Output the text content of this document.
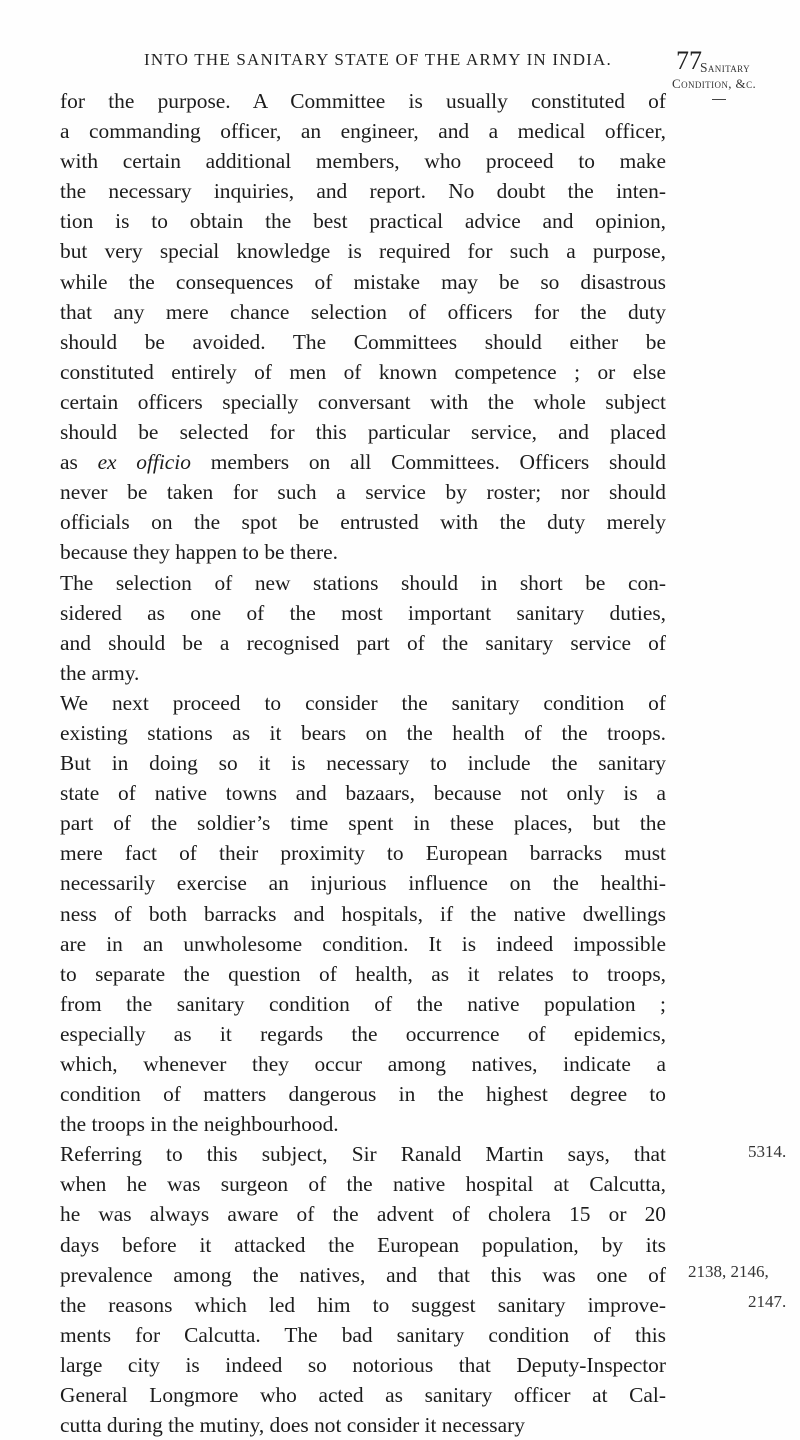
INTO THE SANITARY STATE OF THE ARMY IN INDIA.	77
Sanitary
Condition, &c.
5314.
2138, 2146,
2147.
for the purpose. A Committee is usually constituted of
a commanding officer, an engineer, and a medical officer,
with certain additional members, who proceed to make
the necessary inquiries, and report. No doubt the inten-
tion is to obtain the best practical advice and opinion,
but very special knowledge is required for such a purpose,
while the consequences of mistake may be so disastrous
that any mere chance selection of officers for the duty
should be avoided. The Committees should either be
constituted entirely of men of known competence ; or else
certain officers specially conversant with the whole subject
should be selected for this particular service, and placed
as ex officio members on all Committees. Officers should
never be taken for such a service by roster; nor should
officials on the spot be entrusted with the duty merely
because they happen to be there.
The selection of new stations should in short be con-
sidered as one of the most important sanitary duties,
and should be a recognised part of the sanitary service of
the army.
We next proceed to consider the sanitary condition of
existing stations as it bears on the health of the troops.
But in doing so it is necessary to include the sanitary
state of native towns and bazaars, because not only is a
part of the soldier’s time spent in these places, but the
mere fact of their proximity to European barracks must
necessarily exercise an injurious influence on the healthi-
ness of both barracks and hospitals, if the native dwellings
are in an unwholesome condition. It is indeed impossible
to separate the question of health, as it relates to troops,
from the sanitary condition of the native population ;
especially as it regards the occurrence of epidemics,
which, whenever they occur among natives, indicate a
condition of matters dangerous in the highest degree to
the troops in the neighbourhood.
Referring to this subject, Sir Ranald Martin says, that
when he was surgeon of the native hospital at Calcutta,
he was always aware of the advent of cholera 15 or 20
days before it attacked the European population, by its
prevalence among the natives, and that this was one of
the reasons which led him to suggest sanitary improve-
ments for Calcutta. The bad sanitary condition of this
large city is indeed so notorious that Deputy-Inspector
General Longmore who acted as sanitary officer at Cal-
cutta during the mutiny, does not consider it necessary
